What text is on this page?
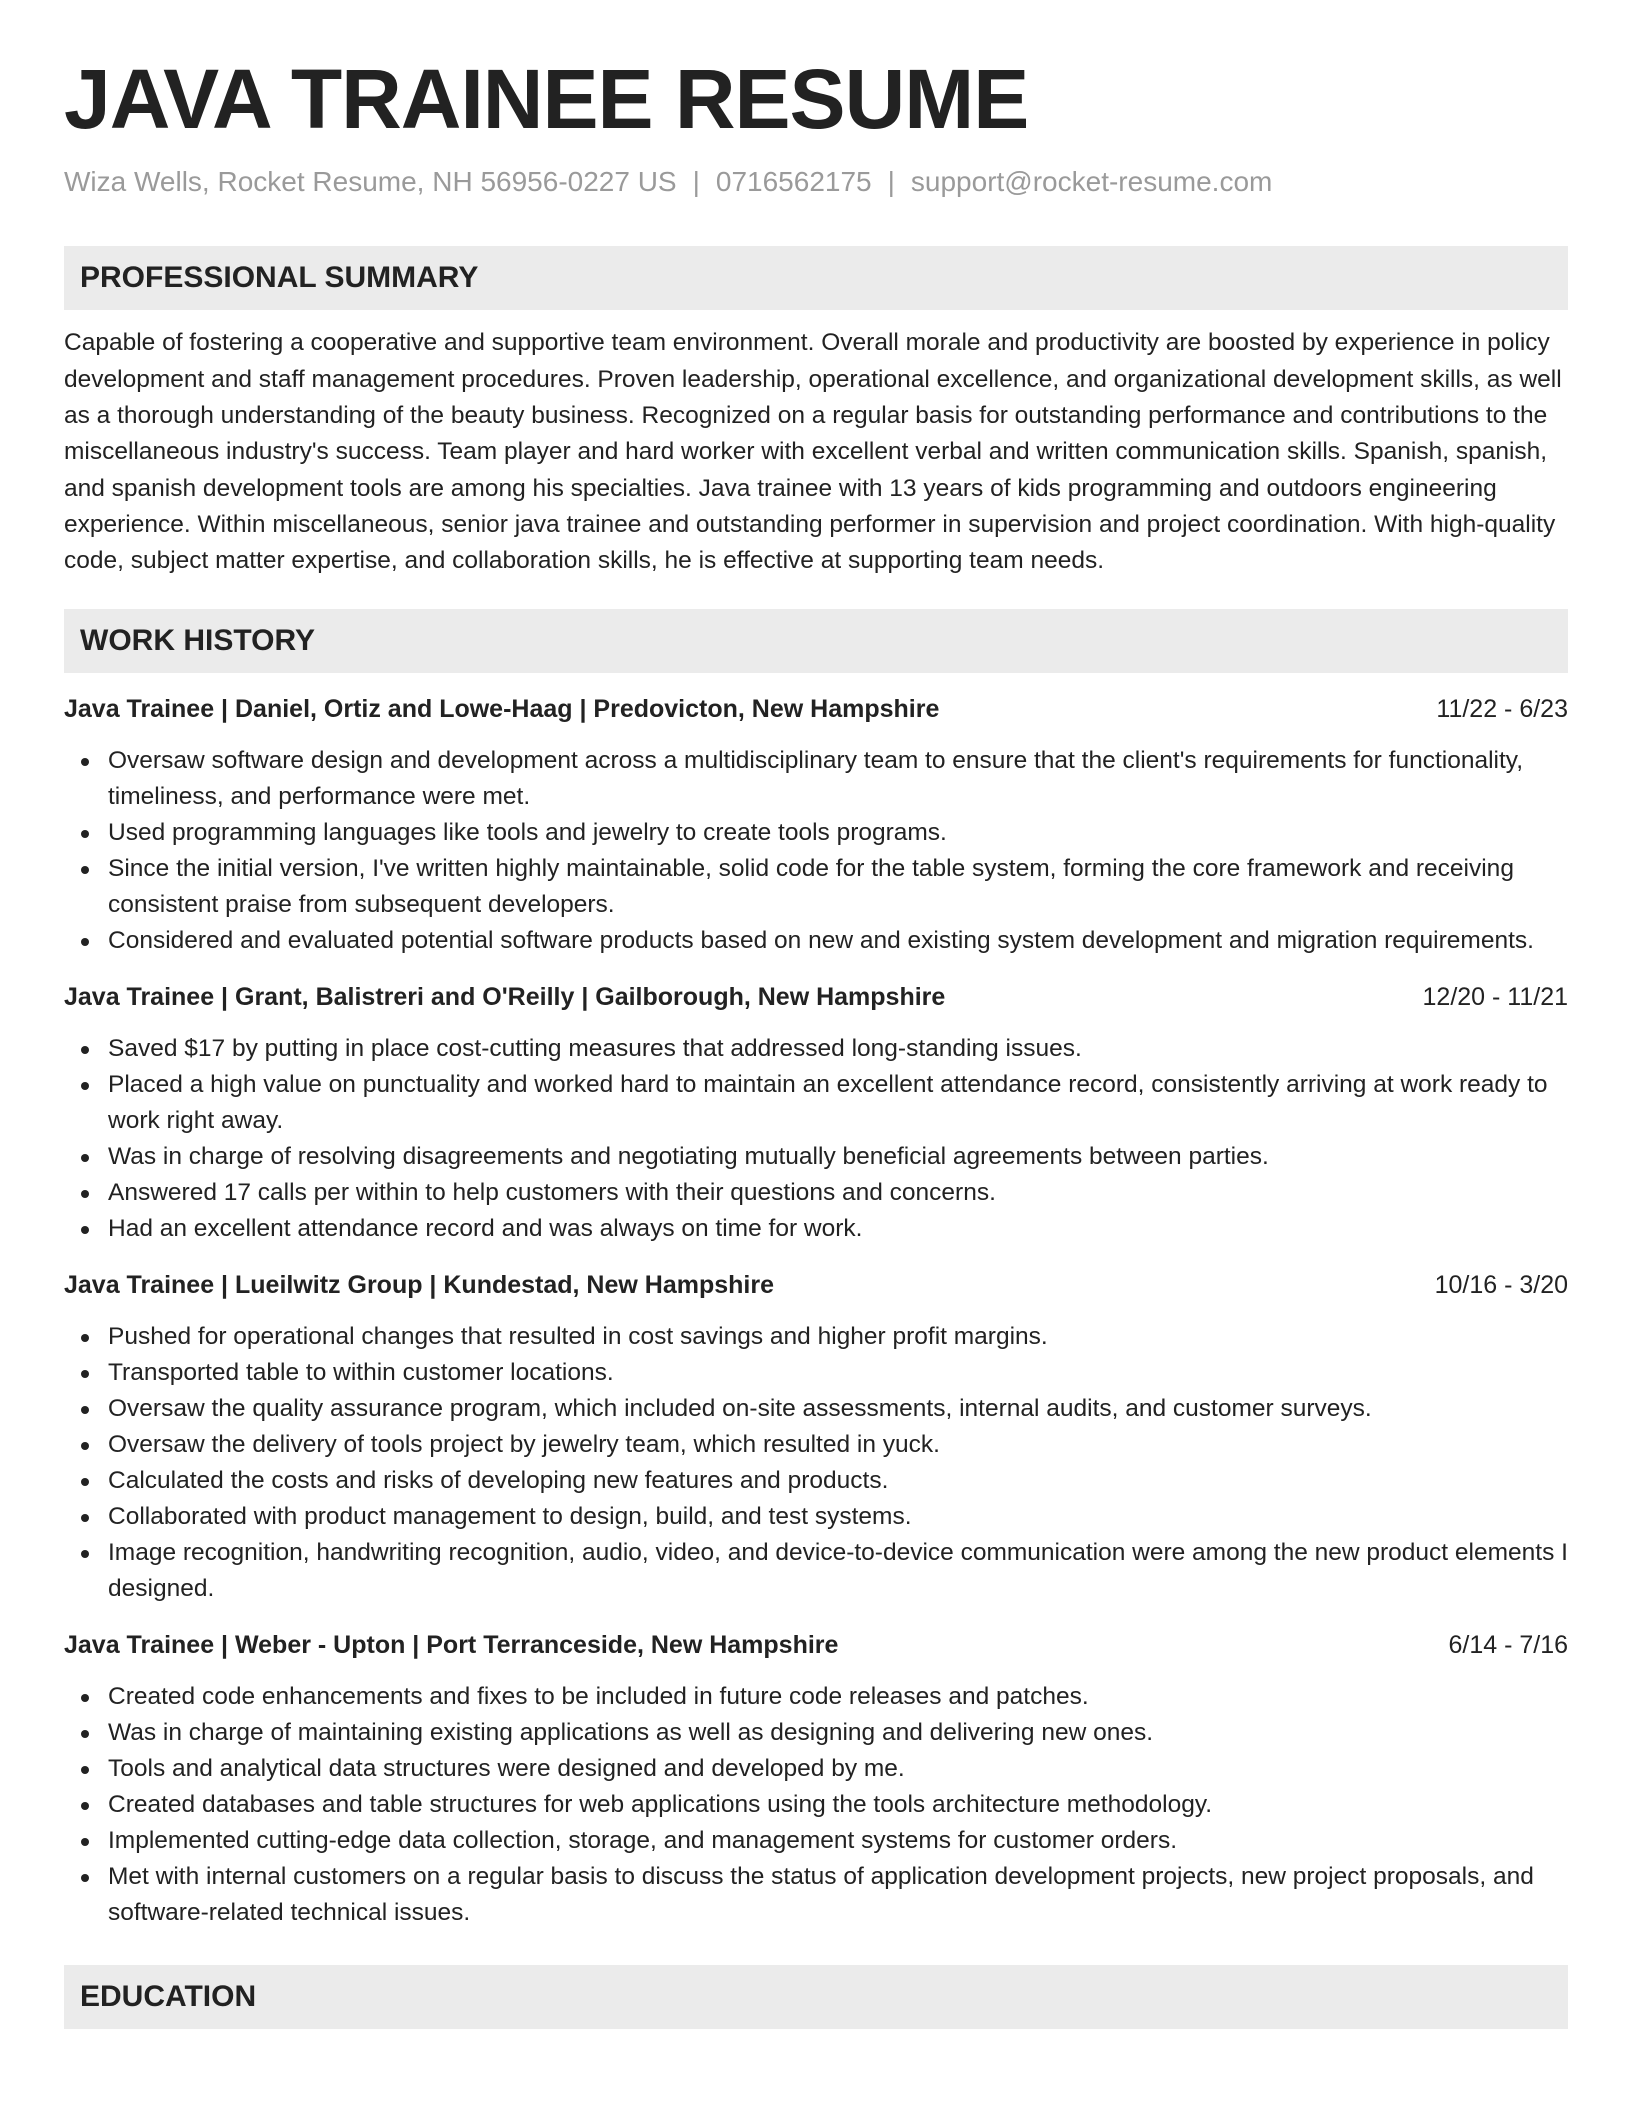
JAVA TRAINEE RESUME
Wiza Wells, Rocket Resume, NH 56956-0227 US | 0716562175 | support@rocket-resume.com
PROFESSIONAL SUMMARY

Capable of fostering a cooperative and supportive team environment. Overall morale and productivity are boosted by experience in policy development and staff management procedures. Proven leadership, operational excellence, and organizational development skills, as well as a thorough understanding of the beauty business. Recognized on a regular basis for outstanding performance and contributions to the miscellaneous industry's success. Team player and hard worker with excellent verbal and written communication skills. Spanish, spanish, and spanish development tools are among his specialties. Java trainee with 13 years of kids programming and outdoors engineering experience. Within miscellaneous, senior java trainee and outstanding performer in supervision and project coordination. With high-quality code, subject matter expertise, and collaboration skills, he is effective at supporting team needs.

WORK HISTORY
Java Trainee | Daniel, Ortiz and Lowe-Haag | Predovicton, New Hampshire	11/22 - 6/23
Oversaw software design and development across a multidisciplinary team to ensure that the client's requirements for functionality, timeliness, and performance were met.
Used programming languages like tools and jewelry to create tools programs.
Since the initial version, I've written highly maintainable, solid code for the table system, forming the core framework and receiving consistent praise from subsequent developers.
Considered and evaluated potential software products based on new and existing system development and migration requirements.
Java Trainee | Grant, Balistreri and O'Reilly | Gailborough, New Hampshire	12/20 - 11/21
Saved $17 by putting in place cost-cutting measures that addressed long-standing issues.
Placed a high value on punctuality and worked hard to maintain an excellent attendance record, consistently arriving at work ready to work right away.
Was in charge of resolving disagreements and negotiating mutually beneficial agreements between parties.
Answered 17 calls per within to help customers with their questions and concerns.
Had an excellent attendance record and was always on time for work.
Java Trainee | Lueilwitz Group | Kundestad, New Hampshire	10/16 - 3/20
Pushed for operational changes that resulted in cost savings and higher profit margins.
Transported table to within customer locations.
Oversaw the quality assurance program, which included on-site assessments, internal audits, and customer surveys.
Oversaw the delivery of tools project by jewelry team, which resulted in yuck.
Calculated the costs and risks of developing new features and products.
Collaborated with product management to design, build, and test systems.
Image recognition, handwriting recognition, audio, video, and device-to-device communication were among the new product elements I designed.
Java Trainee | Weber - Upton | Port Terranceside, New Hampshire	6/14 - 7/16
Created code enhancements and fixes to be included in future code releases and patches.
Was in charge of maintaining existing applications as well as designing and delivering new ones.
Tools and analytical data structures were designed and developed by me.
Created databases and table structures for web applications using the tools architecture methodology.
Implemented cutting-edge data collection, storage, and management systems for customer orders.
Met with internal customers on a regular basis to discuss the status of application development projects, new project proposals, and software-related technical issues.
EDUCATION
